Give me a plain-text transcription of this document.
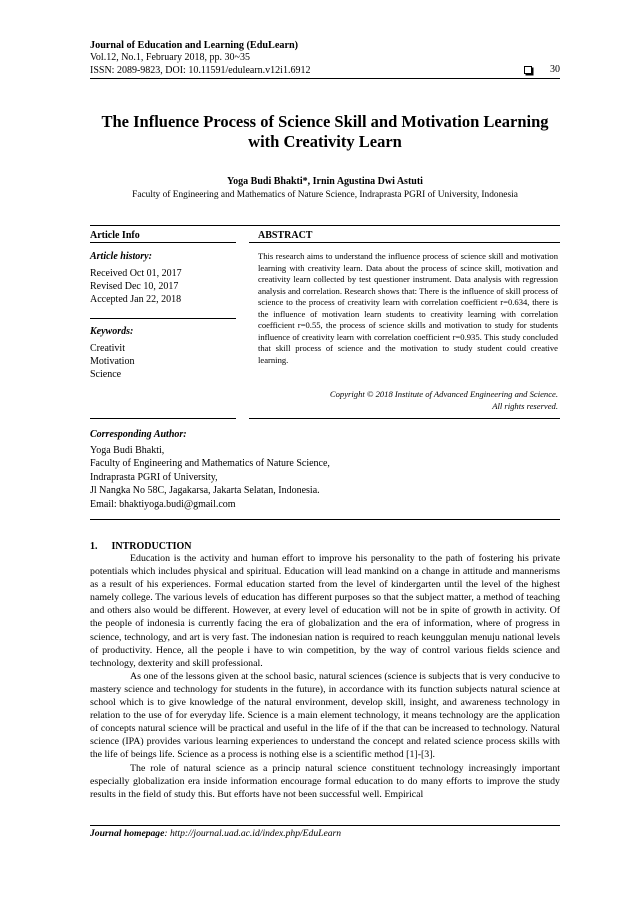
Journal of Education and Learning (EduLearn)
Vol.12, No.1, February 2018, pp. 30~35
ISSN: 2089-9823, DOI: 10.11591/edulearn.v12i1.6912	30
The Influence Process of Science Skill and Motivation Learning
with Creativity Learn
Yoga Budi Bhakti*, Irnin Agustina Dwi Astuti
Faculty of Engineering and Mathematics of Nature Science, Indraprasta PGRI of University, Indonesia
Article Info	ABSTRACT
Article history:
Received Oct 01, 2017
Revised Dec 10, 2017
Accepted Jan 22, 2018
Keywords:
Creativit
Motivation
Science
This research aims to understand the influence process of science skill and motivation learning with creativity learn. Data about the process of scince skill, motivation and creativity learn collected by test questioner instrument. Data analysis with regression analysis and correlation. Research shows that: There is the influence of skill process of science to the process of creativity learn with correlation coefficient r=0.634, there is the influence of motivation learn students to creativity learning with correlation coefficient r=0.55, the process of science skills and motivation to study for students influence of creativity learn with correlation coefficient r=0.935. This study concluded that skill process of science and the motivation to study student could creative learning.
Copyright © 2018 Institute of Advanced Engineering and Science.
All rights reserved.
Corresponding Author:
Yoga Budi Bhakti,
Faculty of Engineering and Mathematics of Nature Science,
Indraprasta PGRI of University,
Jl Nangka No 58C, Jagakarsa, Jakarta Selatan, Indonesia.
Email: bhaktiyoga.budi@gmail.com
1. INTRODUCTION

Education is the activity and human effort to improve his personality to the path of fostering his private potentials which includes physical and spiritual. Education will lead mankind on a change in attitude and mannerisms as a result of his experiences. Formal education started from the level of kindergarten until the level of the highest namely college. The various levels of education has different purposes so that the subject matter, a method of teaching and others also would be different. However, at every level of education will not be in spite of growth in activity. Of the people of indonesia is currently facing the era of globalization and the era of information, where of progress in science, technology, and art is very fast. The indonesian nation is required to reach keunggulan menuju national levels of productivity. Hence, all the people i have to win competition, by the way of control various fields science and technology, dexterity and skill professional.

As one of the lessons given at the school basic, natural sciences (science is subjects that is very conducive to mastery science and technology for students in the future), in accordance with its function subjects natural science at school which is to give knowledge of the natural environment, develop skill, insight, and awareness technology in relation to the use of for everyday life. Science is a main element technology, it means technology are the application of concepts natural science will be practical and useful in the life of if the that can be increased to technology. Natural science (IPA) provides various learning experiences to understand the concept and related science process skills with the life of beings life. Science as a process is nothing else is a scientific method [1]-[3].

The role of natural science as a princip natural science constituent technology increasingly important especially globalization era inside information encourage formal education to do many efforts to improve the study results in the field of study this. But efforts have not been successful well. Empirical

Journal homepage: http://journal.uad.ac.id/index.php/EduLearn
